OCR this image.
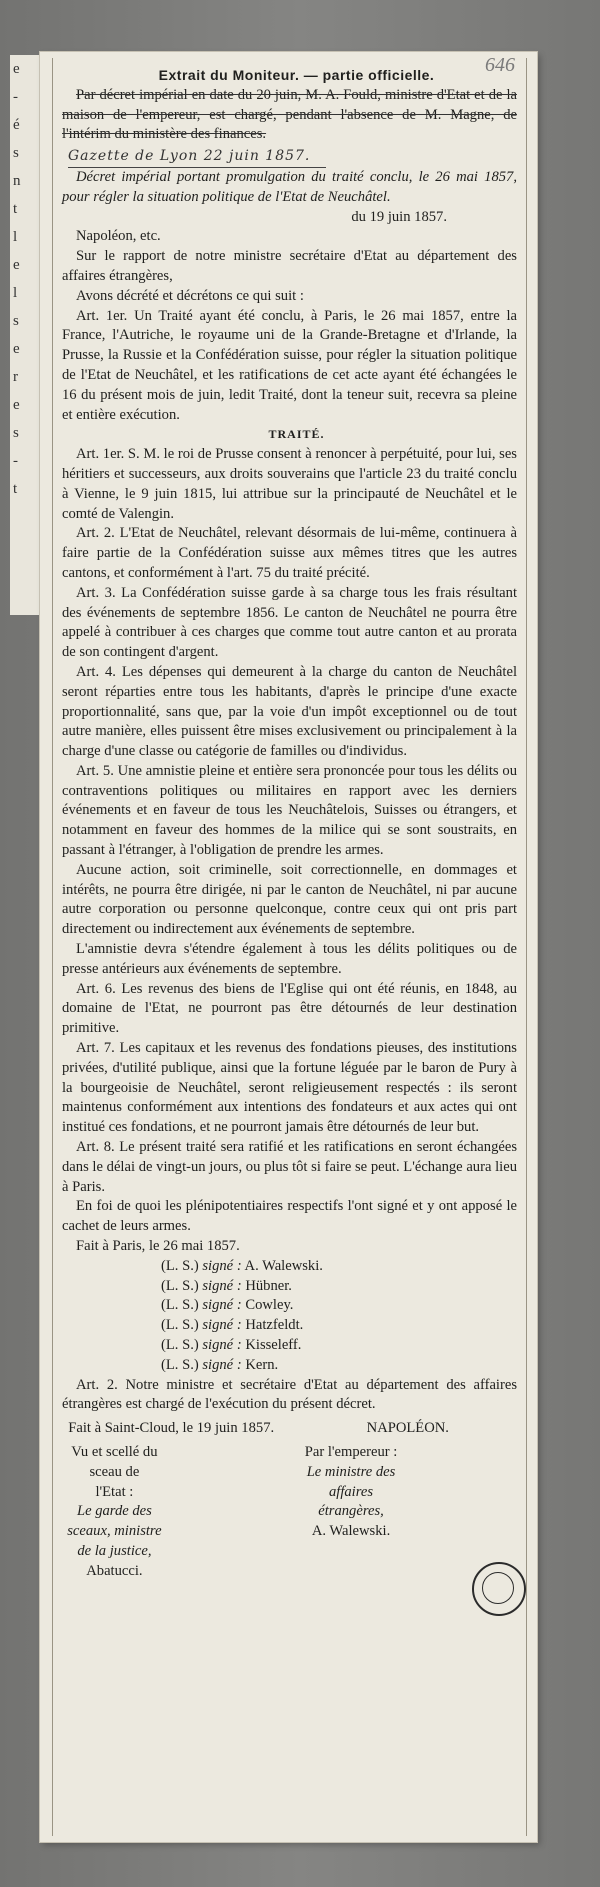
e
-
é
s
n
t
l
e
l
s
e
r
e
s
-
t
646

Extrait du Moniteur. — partie officielle.

Par décret impérial en date du 20 juin, M. A. Fould, ministre d'Etat et de la maison de l'empereur, est chargé, pendant l'absence de M. Magne, de l'intérim du ministère des finances.

Gazette de Lyon 22 juin 1857.

Décret impérial portant promulgation du traité conclu, le 26 mai 1857, pour régler la situation politique de l'Etat de Neuchâtel.

du 19 juin 1857.

Napoléon, etc.

Sur le rapport de notre ministre secrétaire d'Etat au département des affaires étrangères,

Avons décrété et décrétons ce qui suit :

Art. 1er. Un Traité ayant été conclu, à Paris, le 26 mai 1857, entre la France, l'Autriche, le royaume uni de la Grande-Bretagne et d'Irlande, la Prusse, la Russie et la Confédération suisse, pour régler la situation politique de l'Etat de Neuchâtel, et les ratifications de cet acte ayant été échangées le 16 du présent mois de juin, ledit Traité, dont la teneur suit, recevra sa pleine et entière exécution.

TRAITÉ.

Art. 1er. S. M. le roi de Prusse consent à renoncer à perpétuité, pour lui, ses héritiers et successeurs, aux droits souverains que l'article 23 du traité conclu à Vienne, le 9 juin 1815, lui attribue sur la principauté de Neuchâtel et le comté de Valengin.

Art. 2. L'Etat de Neuchâtel, relevant désormais de lui-même, continuera à faire partie de la Confédération suisse aux mêmes titres que les autres cantons, et conformément à l'art. 75 du traité précité.

Art. 3. La Confédération suisse garde à sa charge tous les frais résultant des événements de septembre 1856. Le canton de Neuchâtel ne pourra être appelé à contribuer à ces charges que comme tout autre canton et au prorata de son contingent d'argent.

Art. 4. Les dépenses qui demeurent à la charge du canton de Neuchâtel seront réparties entre tous les habitants, d'après le principe d'une exacte proportionnalité, sans que, par la voie d'un impôt exceptionnel ou de tout autre manière, elles puissent être mises exclusivement ou principalement à la charge d'une classe ou catégorie de familles ou d'individus.

Art. 5. Une amnistie pleine et entière sera prononcée pour tous les délits ou contraventions politiques ou militaires en rapport avec les derniers événements et en faveur de tous les Neuchâtelois, Suisses ou étrangers, et notamment en faveur des hommes de la milice qui se sont soustraits, en passant à l'étranger, à l'obligation de prendre les armes.

Aucune action, soit criminelle, soit correctionnelle, en dommages et intérêts, ne pourra être dirigée, ni par le canton de Neuchâtel, ni par aucune autre corporation ou personne quelconque, contre ceux qui ont pris part directement ou indirectement aux événements de septembre.

L'amnistie devra s'étendre également à tous les délits politiques ou de presse antérieurs aux événements de septembre.

Art. 6. Les revenus des biens de l'Eglise qui ont été réunis, en 1848, au domaine de l'Etat, ne pourront pas être détournés de leur destination primitive.

Art. 7. Les capitaux et les revenus des fondations pieuses, des institutions privées, d'utilité publique, ainsi que la fortune léguée par le baron de Pury à la bourgeoisie de Neuchâtel, seront religieusement respectés : ils seront maintenus conformément aux intentions des fondateurs et aux actes qui ont institué ces fondations, et ne pourront jamais être détournés de leur but.

Art. 8. Le présent traité sera ratifié et les ratifications en seront échangées dans le délai de vingt-un jours, ou plus tôt si faire se peut. L'échange aura lieu à Paris.

En foi de quoi les plénipotentiaires respectifs l'ont signé et y ont apposé le cachet de leurs armes.

Fait à Paris, le 26 mai 1857.

(L. S.) signé : A. Walewski.

(L. S.) signé : Hübner.

(L. S.) signé : Cowley.

(L. S.) signé : Hatzfeldt.

(L. S.) signé : Kisseleff.

(L. S.) signé : Kern.

Art. 2. Notre ministre et secrétaire d'Etat au département des affaires étrangères est chargé de l'exécution du présent décret.

Fait à Saint-Cloud, le 19 juin 1857.	NAPOLÉON.
Vu et scellé du sceau de
l'Etat :
Le garde des sceaux, ministre de la justice,
Abatucci.
Par l'empereur :
Le ministre des affaires étrangères,
A. Walewski.
